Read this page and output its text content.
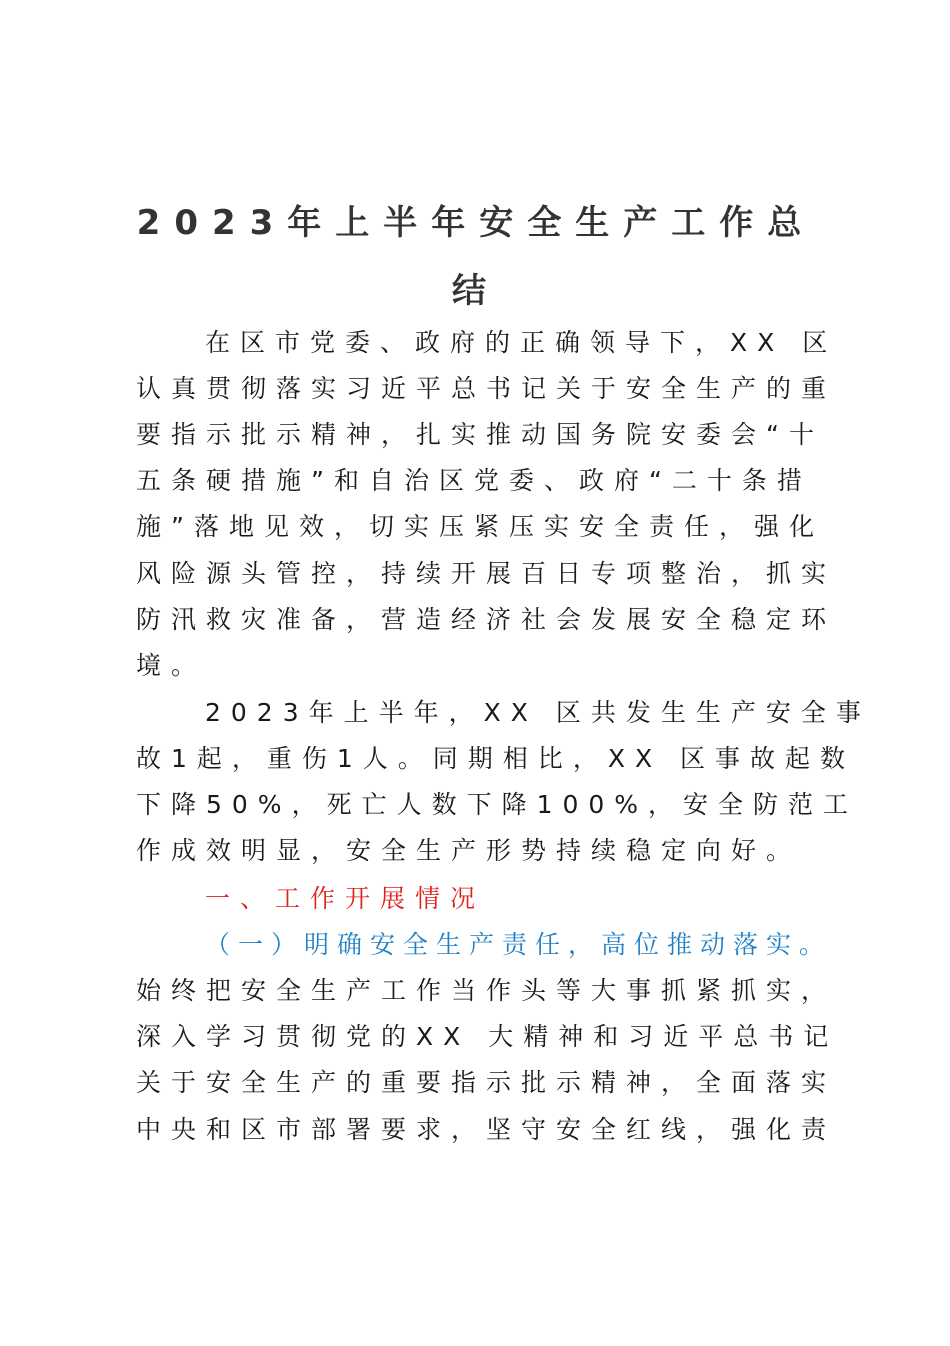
2023年上半年安全生产工作总
结
在区市党委、政府的正确领导下，XX 区
认真贯彻落实习近平总书记关于安全生产的重
要指示批示精神，扎实推动国务院安委会“十
五条硬措施”和自治区党委、政府“二十条措
施”落地见效，切实压紧压实安全责任，强化
风险源头管控，持续开展百日专项整治，抓实
防汛救灾准备，营造经济社会发展安全稳定环
境。
2023年上半年，XX 区共发生生产安全事
故1起，重伤1人。同期相比，XX 区事故起数
下降50%，死亡人数下降100%，安全防范工
作成效明显，安全生产形势持续稳定向好。
一、工作开展情况
（一）明确安全生产责任，高位推动落实。
始终把安全生产工作当作头等大事抓紧抓实，
深入学习贯彻党的XX 大精神和习近平总书记
关于安全生产的重要指示批示精神，全面落实
中央和区市部署要求，坚守安全红线，强化责
